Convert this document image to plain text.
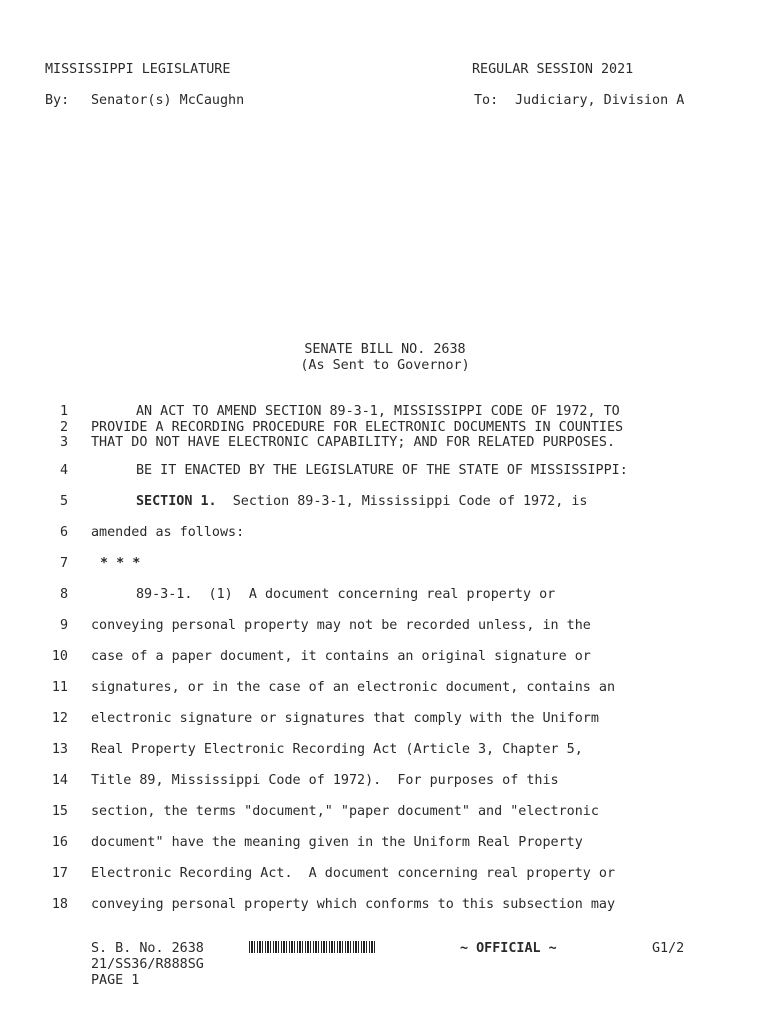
MISSISSIPPI LEGISLATURE	REGULAR SESSION 2021
By: Senator(s) McCaughn	To: Judiciary, Division A
SENATE BILL NO. 2638
(As Sent to Governor)
1	AN ACT TO AMEND SECTION 89-3-1, MISSISSIPPI CODE OF 1972, TO
2 PROVIDE A RECORDING PROCEDURE FOR ELECTRONIC DOCUMENTS IN COUNTIES
3 THAT DO NOT HAVE ELECTRONIC CAPABILITY; AND FOR RELATED PURPOSES.
4	BE IT ENACTED BY THE LEGISLATURE OF THE STATE OF MISSISSIPPI:
5	SECTION 1.  Section 89-3-1, Mississippi Code of 1972, is
6 amended as follows:
7 * * *
8	89-3-1.  (1)  A document concerning real property or
9 conveying personal property may not be recorded unless, in the
10 case of a paper document, it contains an original signature or
11 signatures, or in the case of an electronic document, contains an
12 electronic signature or signatures that comply with the Uniform
13 Real Property Electronic Recording Act (Article 3, Chapter 5,
14 Title 89, Mississippi Code of 1972).  For purposes of this
15 section, the terms "document," "paper document" and "electronic
16 document" have the meaning given in the Uniform Real Property
17 Electronic Recording Act.  A document concerning real property or
18 conveying personal property which conforms to this subsection may
S. B. No. 2638
21/SS36/R888SG
PAGE 1
~ OFFICIAL ~	G1/2
